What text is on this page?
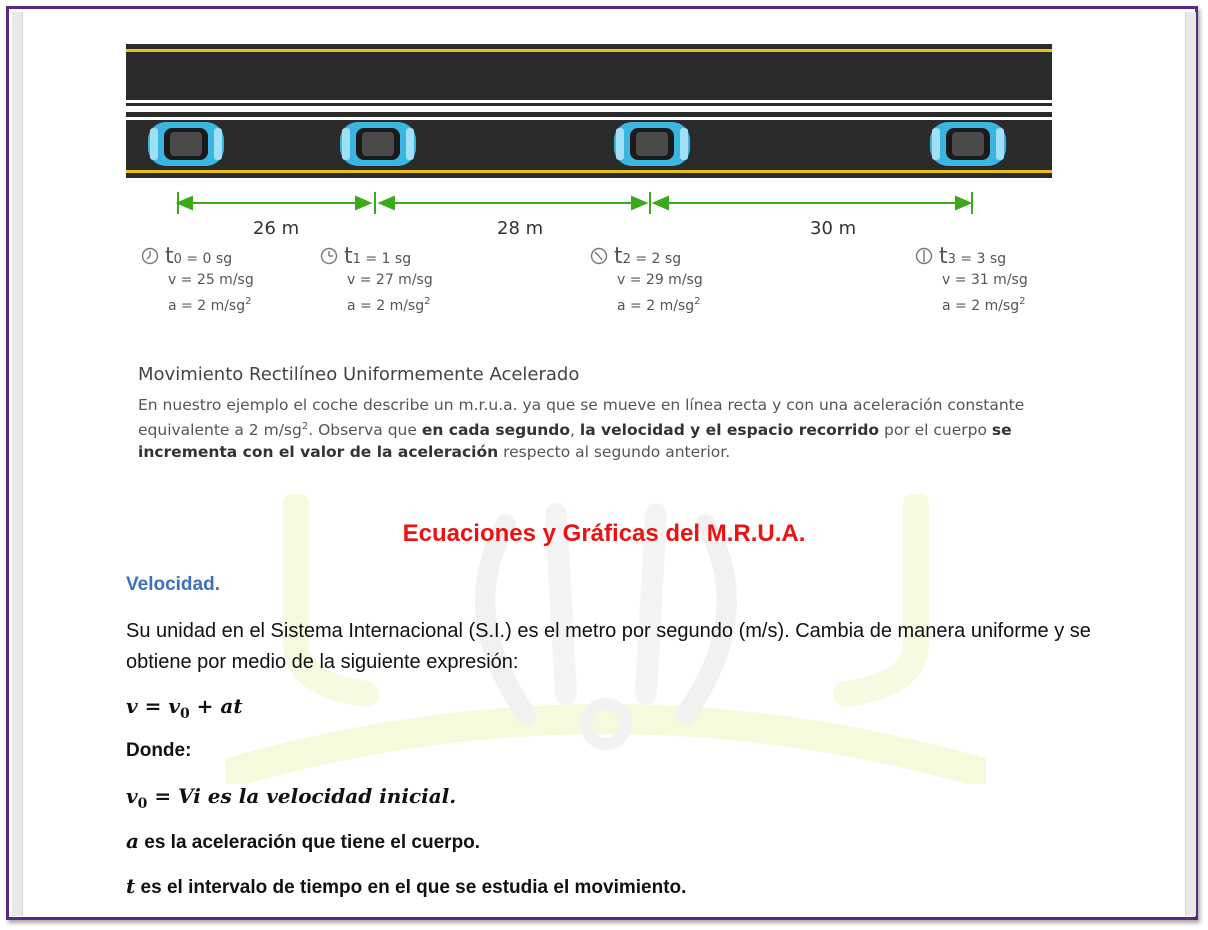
26 m	28 m	30 m
t0 = 0 sg
v = 25 m/sg
a = 2 $m/sg^2$
t1 = 1 sg
v = 27 m/sg
a = 2 $m/sg^2$
t2 = 2 sg
v = 29 m/sg
a = 2 $m/sg^2$
t3 = 3 sg
v = 31 m/sg
a = 2 $m/sg^2$
Movimiento Rectilíneo Uniformemente Acelerado
En nuestro ejemplo el coche describe un m.r.u.a. ya que se mueve en línea recta y con una aceleración constante equivalente a 2 $m/sg^2$. Observa que en cada segundo, la velocidad y el espacio recorrido por el cuerpo se incrementa con el valor de la aceleración respecto al segundo anterior.
Ecuaciones y Gráficas del M.R.U.A.
Velocidad.
Su unidad en el Sistema Internacional (S.I.) es el metro por segundo (m/s). Cambia de manera uniforme y se obtiene por medio de la siguiente expresión:
$v = v_0$ + at
Donde:
$v_0 = Vi$ es la velocidad inicial.
a es la aceleración que tiene el cuerpo.
t es el intervalo de tiempo en el que se estudia el movimiento.
